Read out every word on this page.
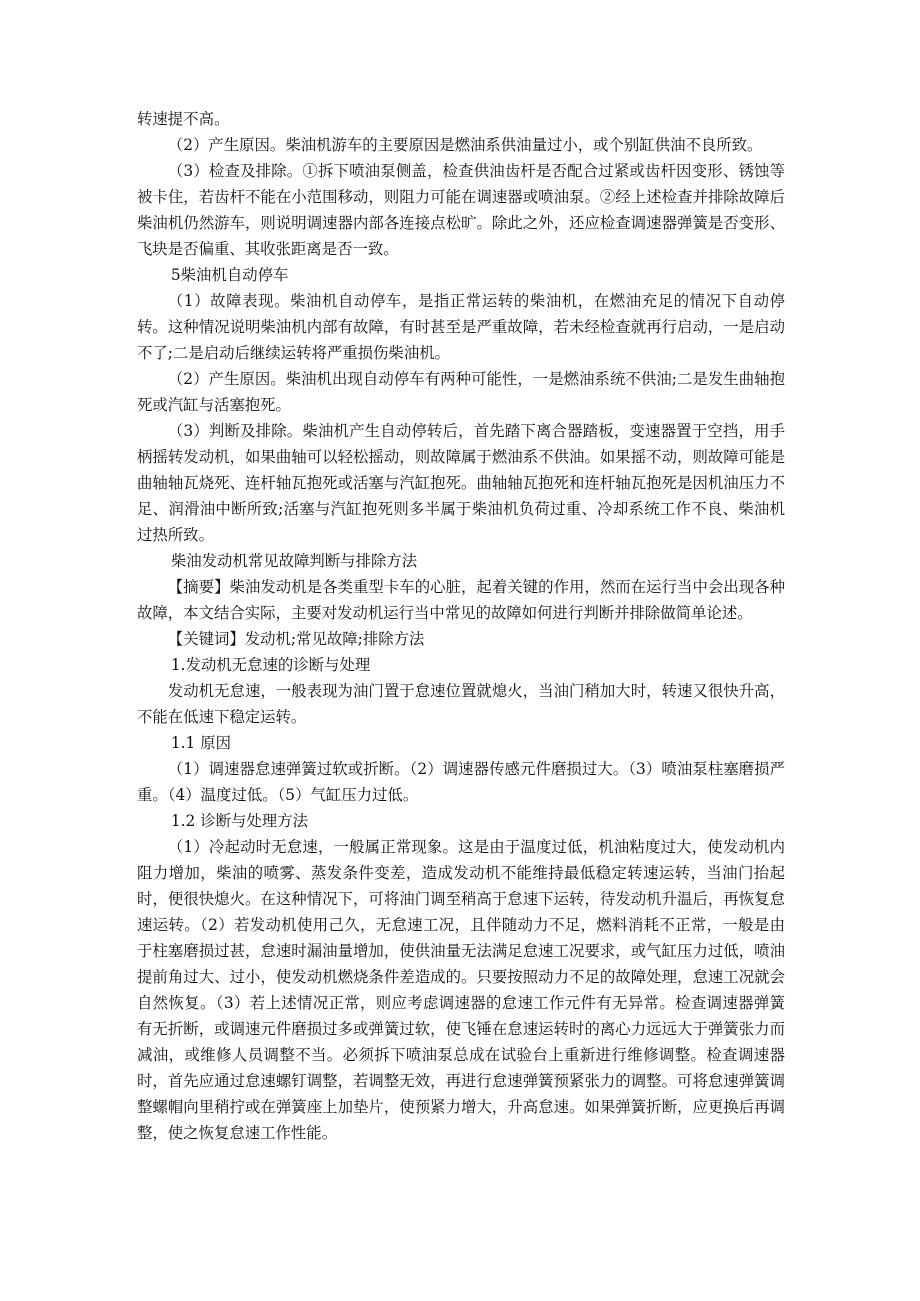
转速提不高。

（2）产生原因。柴油机游车的主要原因是燃油系供油量过小，或个别缸供油不良所致。

（3）检查及排除。①拆下喷油泵侧盖，检查供油齿杆是否配合过紧或齿杆因变形、锈蚀等被卡住，若齿杆不能在小范围移动，则阻力可能在调速器或喷油泵。②经上述检查并排除故障后柴油机仍然游车，则说明调速器内部各连接点松旷。除此之外，还应检查调速器弹簧是否变形、飞块是否偏重、其收张距离是否一致。

5柴油机自动停车

（1）故障表现。柴油机自动停车，是指正常运转的柴油机，在燃油充足的情况下自动停转。这种情况说明柴油机内部有故障，有时甚至是严重故障，若未经检查就再行启动，一是启动不了;二是启动后继续运转将严重损伤柴油机。

（2）产生原因。柴油机出现自动停车有两种可能性，一是燃油系统不供油;二是发生曲轴抱死或汽缸与活塞抱死。

（3）判断及排除。柴油机产生自动停转后，首先踏下离合器踏板，变速器置于空挡，用手柄摇转发动机，如果曲轴可以轻松摇动，则故障属于燃油系不供油。如果摇不动，则故障可能是曲轴轴瓦烧死、连杆轴瓦抱死或活塞与汽缸抱死。曲轴轴瓦抱死和连杆轴瓦抱死是因机油压力不足、润滑油中断所致;活塞与汽缸抱死则多半属于柴油机负荷过重、冷却系统工作不良、柴油机过热所致。

柴油发动机常见故障判断与排除方法

【摘要】柴油发动机是各类重型卡车的心脏，起着关键的作用，然而在运行当中会出现各种故障，本文结合实际，主要对发动机运行当中常见的故障如何进行判断并排除做简单论述。

【关键词】发动机;常见故障;排除方法

1.发动机无怠速的诊断与处理

发动机无怠速，一般表现为油门置于怠速位置就熄火，当油门稍加大时，转速又很快升高，不能在低速下稳定运转。

1.1 原因

（1）调速器怠速弹簧过软或折断。（2）调速器传感元件磨损过大。（3）喷油泵柱塞磨损严重。（4）温度过低。（5）气缸压力过低。

1.2 诊断与处理方法

（1）冷起动时无怠速，一般属正常现象。这是由于温度过低，机油粘度过大，使发动机内阻力增加，柴油的喷雾、蒸发条件变差，造成发动机不能维持最低稳定转速运转，当油门抬起时，便很快熄火。在这种情况下，可将油门调至稍高于怠速下运转，待发动机升温后，再恢复怠速运转。（2）若发动机使用己久，无怠速工况，且伴随动力不足，燃料消耗不正常，一般是由于柱塞磨损过甚，怠速时漏油量增加，使供油量无法满足怠速工况要求，或气缸压力过低，喷油提前角过大、过小，使发动机燃烧条件差造成的。只要按照动力不足的故障处理，怠速工况就会自然恢复。（3）若上述情况正常，则应考虑调速器的怠速工作元件有无异常。检查调速器弹簧有无折断，或调速元件磨损过多或弹簧过软，使飞锤在怠速运转时的离心力远远大于弹簧张力而减油，或维修人员调整不当。必须拆下喷油泵总成在试验台上重新进行维修调整。检查调速器时，首先应通过怠速螺钉调整，若调整无效，再进行怠速弹簧预紧张力的调整。可将怠速弹簧调整螺帽向里稍拧或在弹簧座上加垫片，使预紧力增大，升高怠速。如果弹簧折断，应更换后再调整，使之恢复怠速工作性能。
